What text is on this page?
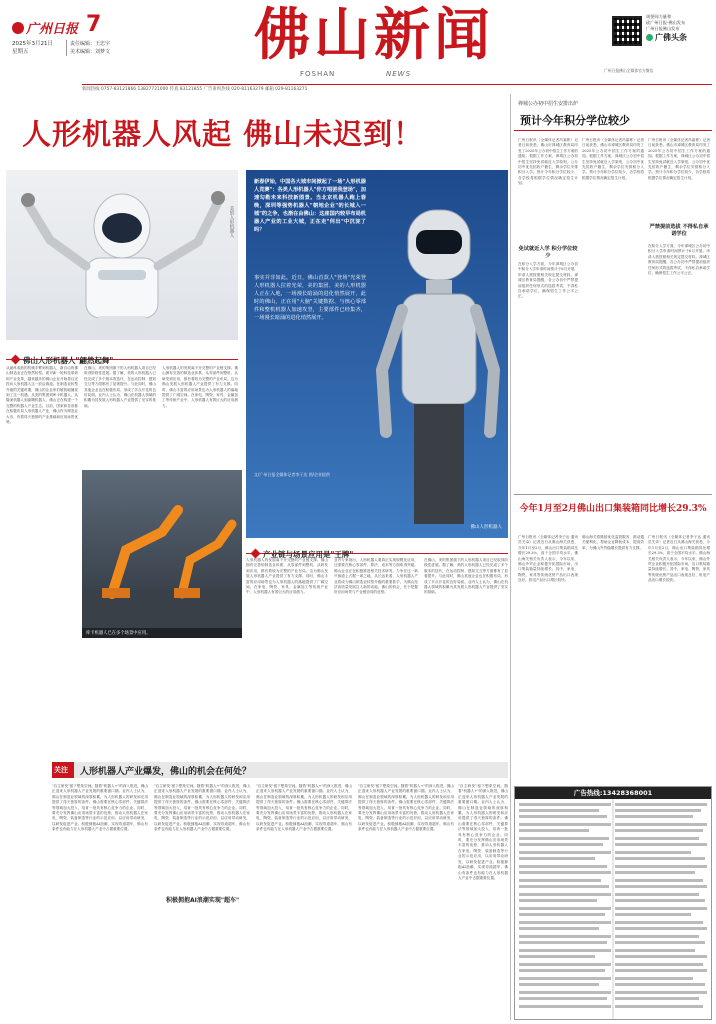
广州日报 7
2025年3月21日
星期五
责任编辑：王忠宇
美术编辑：刘梦文	佛山新闻
FOSHAN	NEWS
周要闻力量和
砍广州日报-佛山发布
广州日报佛山发布
广佛头条
广州日报佛山全媒体官方微信
新闻热线 0757-83121866 13827721000 传真 83121855 广告垂询热线 020-81163279 邮箱 029-81163271
人形机器人风起 佛山未迟到！
美的人形机器人
佛山人形机器人"翩然起舞"
从最疼成熟的机械手臂到机器人，新自由的佛山制造业正在悄然转型。面对新一轮科技革命和产业变革，越来越多的佛山企业开始将目光投向人形机器人这一前沿赛道。在制造业转型升级的关键时期，佛山的企业家们敏锐地捕捉到了这一机遇。从美的集团到库卡机器人，从隆深机器人到嘉腾机器人，佛山正在构建一个完整的机器人产业生态。目前，国家和各省都在积极布局人形机器人产业，佛山作为制造业大市，有着得天独厚的产业基础和应用场景优势。
在佛山，美的集团旗下的人形机器人项目已经取得阶段性进展。据了解，美的人形机器人已经完成了多个版本的迭代，在运动控制、感知交互等方面都有了显著提升。与此同时，佛山其他企业也在积极布局，形成了多点开花的良好局面。业内人士认为，佛山在机器人领域的积累为其发展人形机器人产业提供了坚实的基础。
人形机器人的发展离不开完整的产业链支撑。佛山拥有完善的制造业体系，从零部件到整机，从研发到应用，都有着较为完整的产业布局。这为佛山发展人形机器人产业提供了有力支撑。同时，佛山丰富的应用场景也为人形机器人的落地提供了广阔空间。在家电、陶瓷、家具、金属加工等传统产业中，人形机器人有着巨大的应用潜力。
新春伊始，中国各大城市间掀起了一场"人形机器人竞赛"：各类人形机器人"你方唱罢我登场"，加速勾勒未来科技新图景。当北京机器人跑上春晚，深圳等强势机器人"朝地企业"的长城入一城"的之争，也渐在由佛山：这座国内较早布局机器人产业的工业大城，正在走"何出"中沉淀了吗？
事实并非如此。近日，佛山首款人"登场"光荣登人形机器人拉着光荣，美的集团、美的人形机器人正在入地，一场漫长暗涌的进化悄然展开，此时的佛山，正在用"大脑"关键数据、与核心零部件和整机机器人加速攻坚，主要部件已经集齐，一场漫长暗涌的进化悄然展开。
文/广州日报全媒体记者李子达 图/企业提供
佛山人形机器人
产业链与场景应用是"王牌"
库卡机器人已在多个场景中应用。
人形机器人的发展离不开完整的产业链支撑。佛山拥有完善的制造业体系，从零部件到整机，从研发到应用，都有着较为完整的产业布局。这为佛山发展人形机器人产业提供了有力支撑。同时，佛山丰富的应用场景也为人形机器人的落地提供了广阔空间。在家电、陶瓷、家具、金属加工等传统产业中，人形机器人有着巨大的应用潜力。
业内专家指出，人形机器人要真正实现规模化应用，还需要在核心零部件、算法、成本等方面取得突破。佛山企业正在积极推进相关技术研发，力争在这一新兴赛道上占据一席之地。从长远来看，人形机器人产业将成为佛山制造业转型升级的重要抓手，为佛山经济高质量发展注入新的动能。佛山的机会，在于把握好应用场景与产业链协同的优势。
在佛山，美的集团旗下的人形机器人项目已经取得阶段性进展。据了解，美的人形机器人已经完成了多个版本的迭代，在运动控制、感知交互等方面都有了显著提升。与此同时，佛山其他企业也在积极布局，形成了多点开花的良好局面。业内人士认为，佛山在机器人领域的积累为其发展人形机器人产业提供了坚实的基础。
关注 人形机器人产业爆发，佛山的机会在何处？
"自主研发"留下想象空间。随着"机器人+"的深入推进，佛山正迎来人形机器人产业发展的重要窗口期。业内人士认为，佛山在制造业领域的深厚积累，为人形机器人的研发和应用提供了得天独厚的条件。佛山需要在核心零部件、关键算法等领域加大投入，培育一批具有核心竞争力的企业。同时，要充分发挥佛山应用场景丰富的优势，推动人形机器人在家电、陶瓷、装备制造等行业的示范应用，以应用带动研发，以研发促进产业。积极拥抱AI浪潮，实现弯道超车，佛山有条件也有能力在人形机器人产业中占据重要位置。
"自主研发"留下想象空间。随着"机器人+"的深入推进，佛山正迎来人形机器人产业发展的重要窗口期。业内人士认为，佛山在制造业领域的深厚积累，为人形机器人的研发和应用提供了得天独厚的条件。佛山需要在核心零部件、关键算法等领域加大投入，培育一批具有核心竞争力的企业。同时，要充分发挥佛山应用场景丰富的优势，推动人形机器人在家电、陶瓷、装备制造等行业的示范应用，以应用带动研发，以研发促进产业。积极拥抱AI浪潮，实现弯道超车，佛山有条件也有能力在人形机器人产业中占据重要位置。
积极拥抱AI浪潮实现"超车"
"自主研发"留下想象空间。随着"机器人+"的深入推进，佛山正迎来人形机器人产业发展的重要窗口期。业内人士认为，佛山在制造业领域的深厚积累，为人形机器人的研发和应用提供了得天独厚的条件。佛山需要在核心零部件、关键算法等领域加大投入，培育一批具有核心竞争力的企业。同时，要充分发挥佛山应用场景丰富的优势，推动人形机器人在家电、陶瓷、装备制造等行业的示范应用，以应用带动研发，以研发促进产业。积极拥抱AI浪潮，实现弯道超车，佛山有条件也有能力在人形机器人产业中占据重要位置。
"自主研发"留下想象空间。随着"机器人+"的深入推进，佛山正迎来人形机器人产业发展的重要窗口期。业内人士认为，佛山在制造业领域的深厚积累，为人形机器人的研发和应用提供了得天独厚的条件。佛山需要在核心零部件、关键算法等领域加大投入，培育一批具有核心竞争力的企业。同时，要充分发挥佛山应用场景丰富的优势，推动人形机器人在家电、陶瓷、装备制造等行业的示范应用，以应用带动研发，以研发促进产业。积极拥抱AI浪潮，实现弯道超车，佛山有条件也有能力在人形机器人产业中占据重要位置。
"自主研发"留下想象空间。随着"机器人+"的深入推进，佛山正迎来人形机器人产业发展的重要窗口期。业内人士认为，佛山在制造业领域的深厚积累，为人形机器人的研发和应用提供了得天独厚的条件。佛山需要在核心零部件、关键算法等领域加大投入，培育一批具有核心竞争力的企业。同时，要充分发挥佛山应用场景丰富的优势，推动人形机器人在家电、陶瓷、装备制造等行业的示范应用，以应用带动研发，以研发促进产业。积极拥抱AI浪潮，实现弯道超车，佛山有条件也有能力在人形机器人产业中占据重要位置。
禅城公办初中招生安排出炉
预计今年积分学位较少
广州日报讯（全媒体记者冯嘉彬）记者日前获悉，佛山市禅城区教育局印发了2025年公办初中招生工作方案的通知。根据工作方案，禅城区公办初中招生坚持免试就近入学原则，公办初中优先招收户籍生，剩余学位安排积分入学。预计今年积分学位较少，各学校将根据学位情况确定招生计划。
免试就近入学 积分学位较少
在积分入学方面，今年禅城区公办初中积分入学申请时间预计于6月开展，申请人需按照相关规定提交材料。禅城区教育局提醒，各公办初中严禁提前组织任何形式的选拔考试，不得私自承诺学位，确保招生工作公平公正。
广州日报讯（全媒体记者冯嘉彬）记者日前获悉，佛山市禅城区教育局印发了2025年公办初中招生工作方案的通知。根据工作方案，禅城区公办初中招生坚持免试就近入学原则，公办初中优先招收户籍生，剩余学位安排积分入学。预计今年积分学位较少，各学校将根据学位情况确定招生计划。
广州日报讯（全媒体记者冯嘉彬）记者日前获悉，佛山市禅城区教育局印发了2025年公办初中招生工作方案的通知。根据工作方案，禅城区公办初中招生坚持免试就近入学原则，公办初中优先招收户籍生，剩余学位安排积分入学。预计今年积分学位较少，各学校将根据学位情况确定招生计划。
严禁提前选拔 不得私自承诺学位
在积分入学方面，今年禅城区公办初中积分入学申请时间预计于6月开展，申请人需按照相关规定提交材料。禅城区教育局提醒，各公办初中严禁提前组织任何形式的选拔考试，不得私自承诺学位，确保招生工作公平公正。
今年1月至2月佛山出口集装箱同比增长29.3%
广州日报讯（全媒体记者李子达 通讯员关卓）记者近日从佛山海关获悉，今年1月至2月，佛山出口集装箱同比增长29.3%，高于全国平均水平。佛山海关相关负责人表示，今年以来，佛山外贸企业积极开拓国际市场，出口集装箱量持续增长。其中，家电、陶瓷、家具等传统优势产品出口表现良好，机电产品出口增长较快。
佛山海关将继续优化监管服务，推动通关便利化，帮助企业降低成本、提高效率，为佛山外贸稳增长提供有力支撑。
广州日报讯（全媒体记者李子达 通讯员关卓）记者近日从佛山海关获悉，今年1月至2月，佛山出口集装箱同比增长29.3%，高于全国平均水平。佛山海关相关负责人表示，今年以来，佛山外贸企业积极开拓国际市场，出口集装箱量持续增长。其中，家电、陶瓷、家具等传统优势产品出口表现良好，机电产品出口增长较快。
广告热线:13428368001
